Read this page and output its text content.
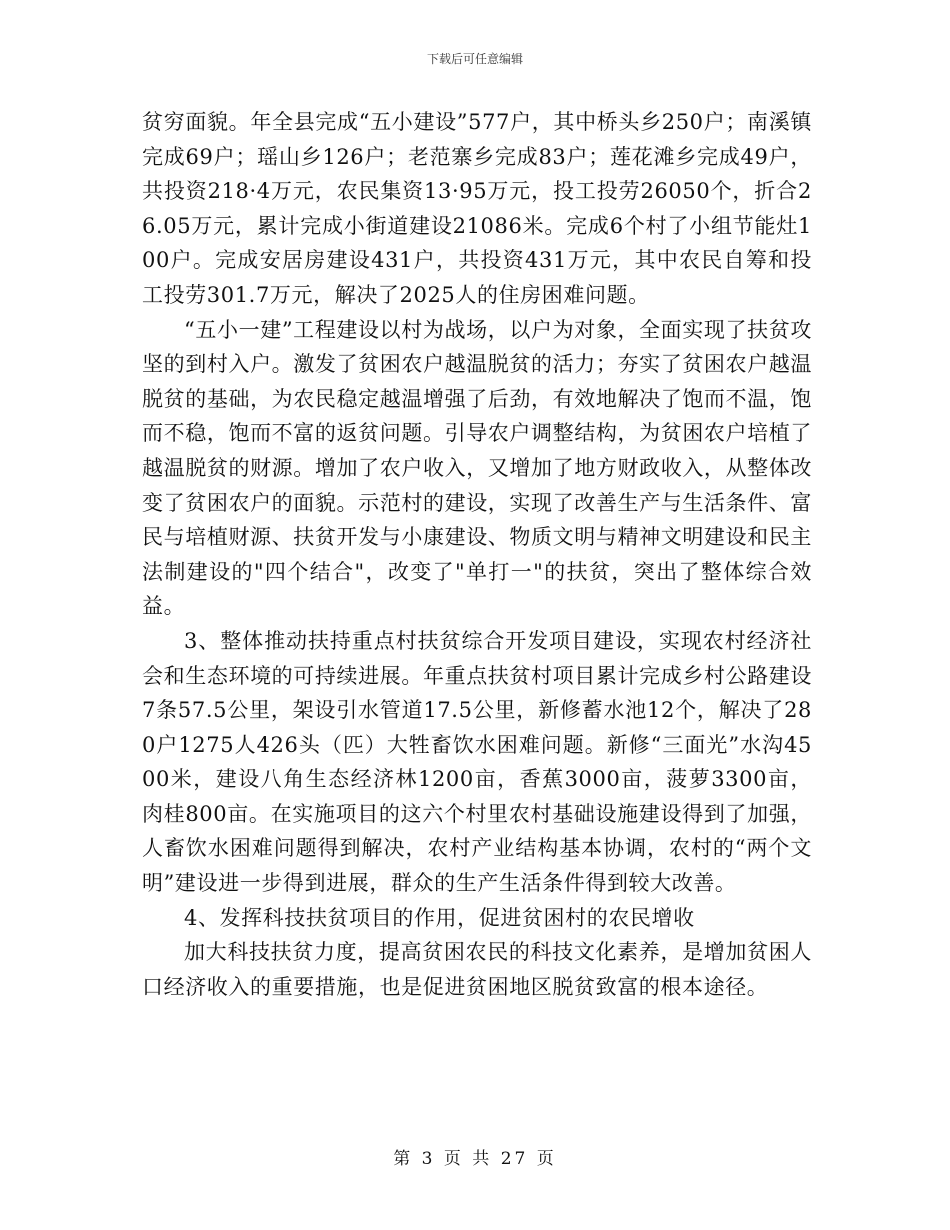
下载后可任意编辑

贫穷面貌。年全县完成“五小建设”577户，其中桥头乡250户；南溪镇完成69户；瑶山乡126户；老范寨乡完成83户；莲花滩乡完成49户，共投资218·4万元，农民集资13·95万元，投工投劳26050个，折合26.05万元，累计完成小街道建设21086米。完成6个村了小组节能灶100户。完成安居房建设431户，共投资431万元，其中农民自筹和投工投劳301.7万元，解决了2025人的住房困难问题。

“五小一建”工程建设以村为战场，以户为对象，全面实现了扶贫攻坚的到村入户。激发了贫困农户越温脱贫的活力；夯实了贫困农户越温脱贫的基础，为农民稳定越温增强了后劲，有效地解决了饱而不温，饱而不稳，饱而不富的返贫问题。引导农户调整结构，为贫困农户培植了越温脱贫的财源。增加了农户收入，又增加了地方财政收入，从整体改变了贫困农户的面貌。示范村的建设，实现了改善生产与生活条件、富民与培植财源、扶贫开发与小康建设、物质文明与精神文明建设和民主法制建设的"四个结合"，改变了"单打一"的扶贫，突出了整体综合效益。

3、整体推动扶持重点村扶贫综合开发项目建设，实现农村经济社会和生态环境的可持续进展。年重点扶贫村项目累计完成乡村公路建设7条57.5公里，架设引水管道17.5公里，新修蓄水池12个，解决了280户1275人426头（匹）大牲畜饮水困难问题。新修“三面光”水沟4500米，建设八角生态经济林1200亩，香蕉3000亩，菠萝3300亩，肉桂800亩。在实施项目的这六个村里农村基础设施建设得到了加强，人畜饮水困难问题得到解决，农村产业结构基本协调，农村的“两个文明”建设进一步得到进展，群众的生产生活条件得到较大改善。

4、发挥科技扶贫项目的作用，促进贫困村的农民增收

加大科技扶贫力度，提高贫困农民的科技文化素养，是增加贫困人口经济收入的重要措施，也是促进贫困地区脱贫致富的根本途径。

第 3 页 共 27 页
